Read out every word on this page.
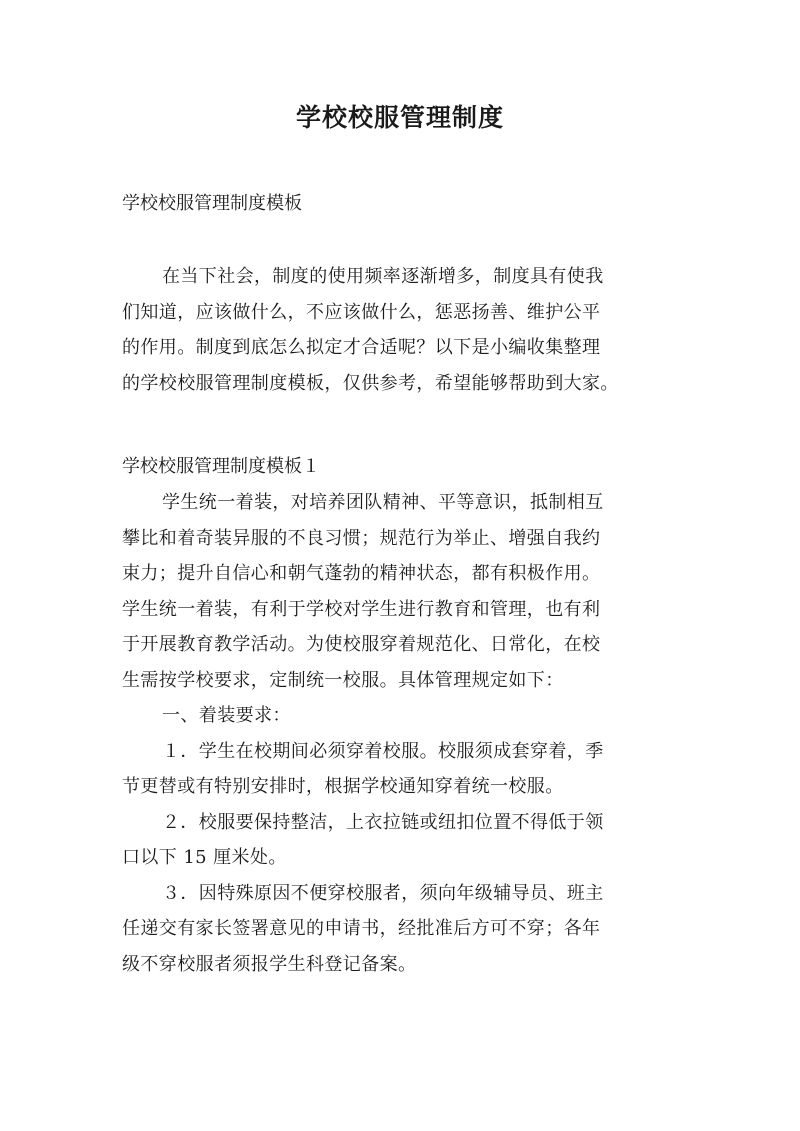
学校校服管理制度
学校校服管理制度模板
在当下社会，制度的使用频率逐渐增多，制度具有使我
们知道，应该做什么，不应该做什么，惩恶扬善、维护公平
的作用。制度到底怎么拟定才合适呢？以下是小编收集整理
的学校校服管理制度模板，仅供参考，希望能够帮助到大家。
学校校服管理制度模板１
学生统一着装，对培养团队精神、平等意识，抵制相互
攀比和着奇装异服的不良习惯；规范行为举止、增强自我约
束力；提升自信心和朝气蓬勃的精神状态，都有积极作用。
学生统一着装，有利于学校对学生进行教育和管理，也有利
于开展教育教学活动。为使校服穿着规范化、日常化，在校
生需按学校要求，定制统一校服。具体管理规定如下：
一、着装要求：
１．学生在校期间必须穿着校服。校服须成套穿着，季
节更替或有特别安排时，根据学校通知穿着统一校服。
２．校服要保持整洁，上衣拉链或纽扣位置不得低于领
口以下 15 厘米处。
３．因特殊原因不便穿校服者，须向年级辅导员、班主
任递交有家长签署意见的申请书，经批准后方可不穿；各年
级不穿校服者须报学生科登记备案。
